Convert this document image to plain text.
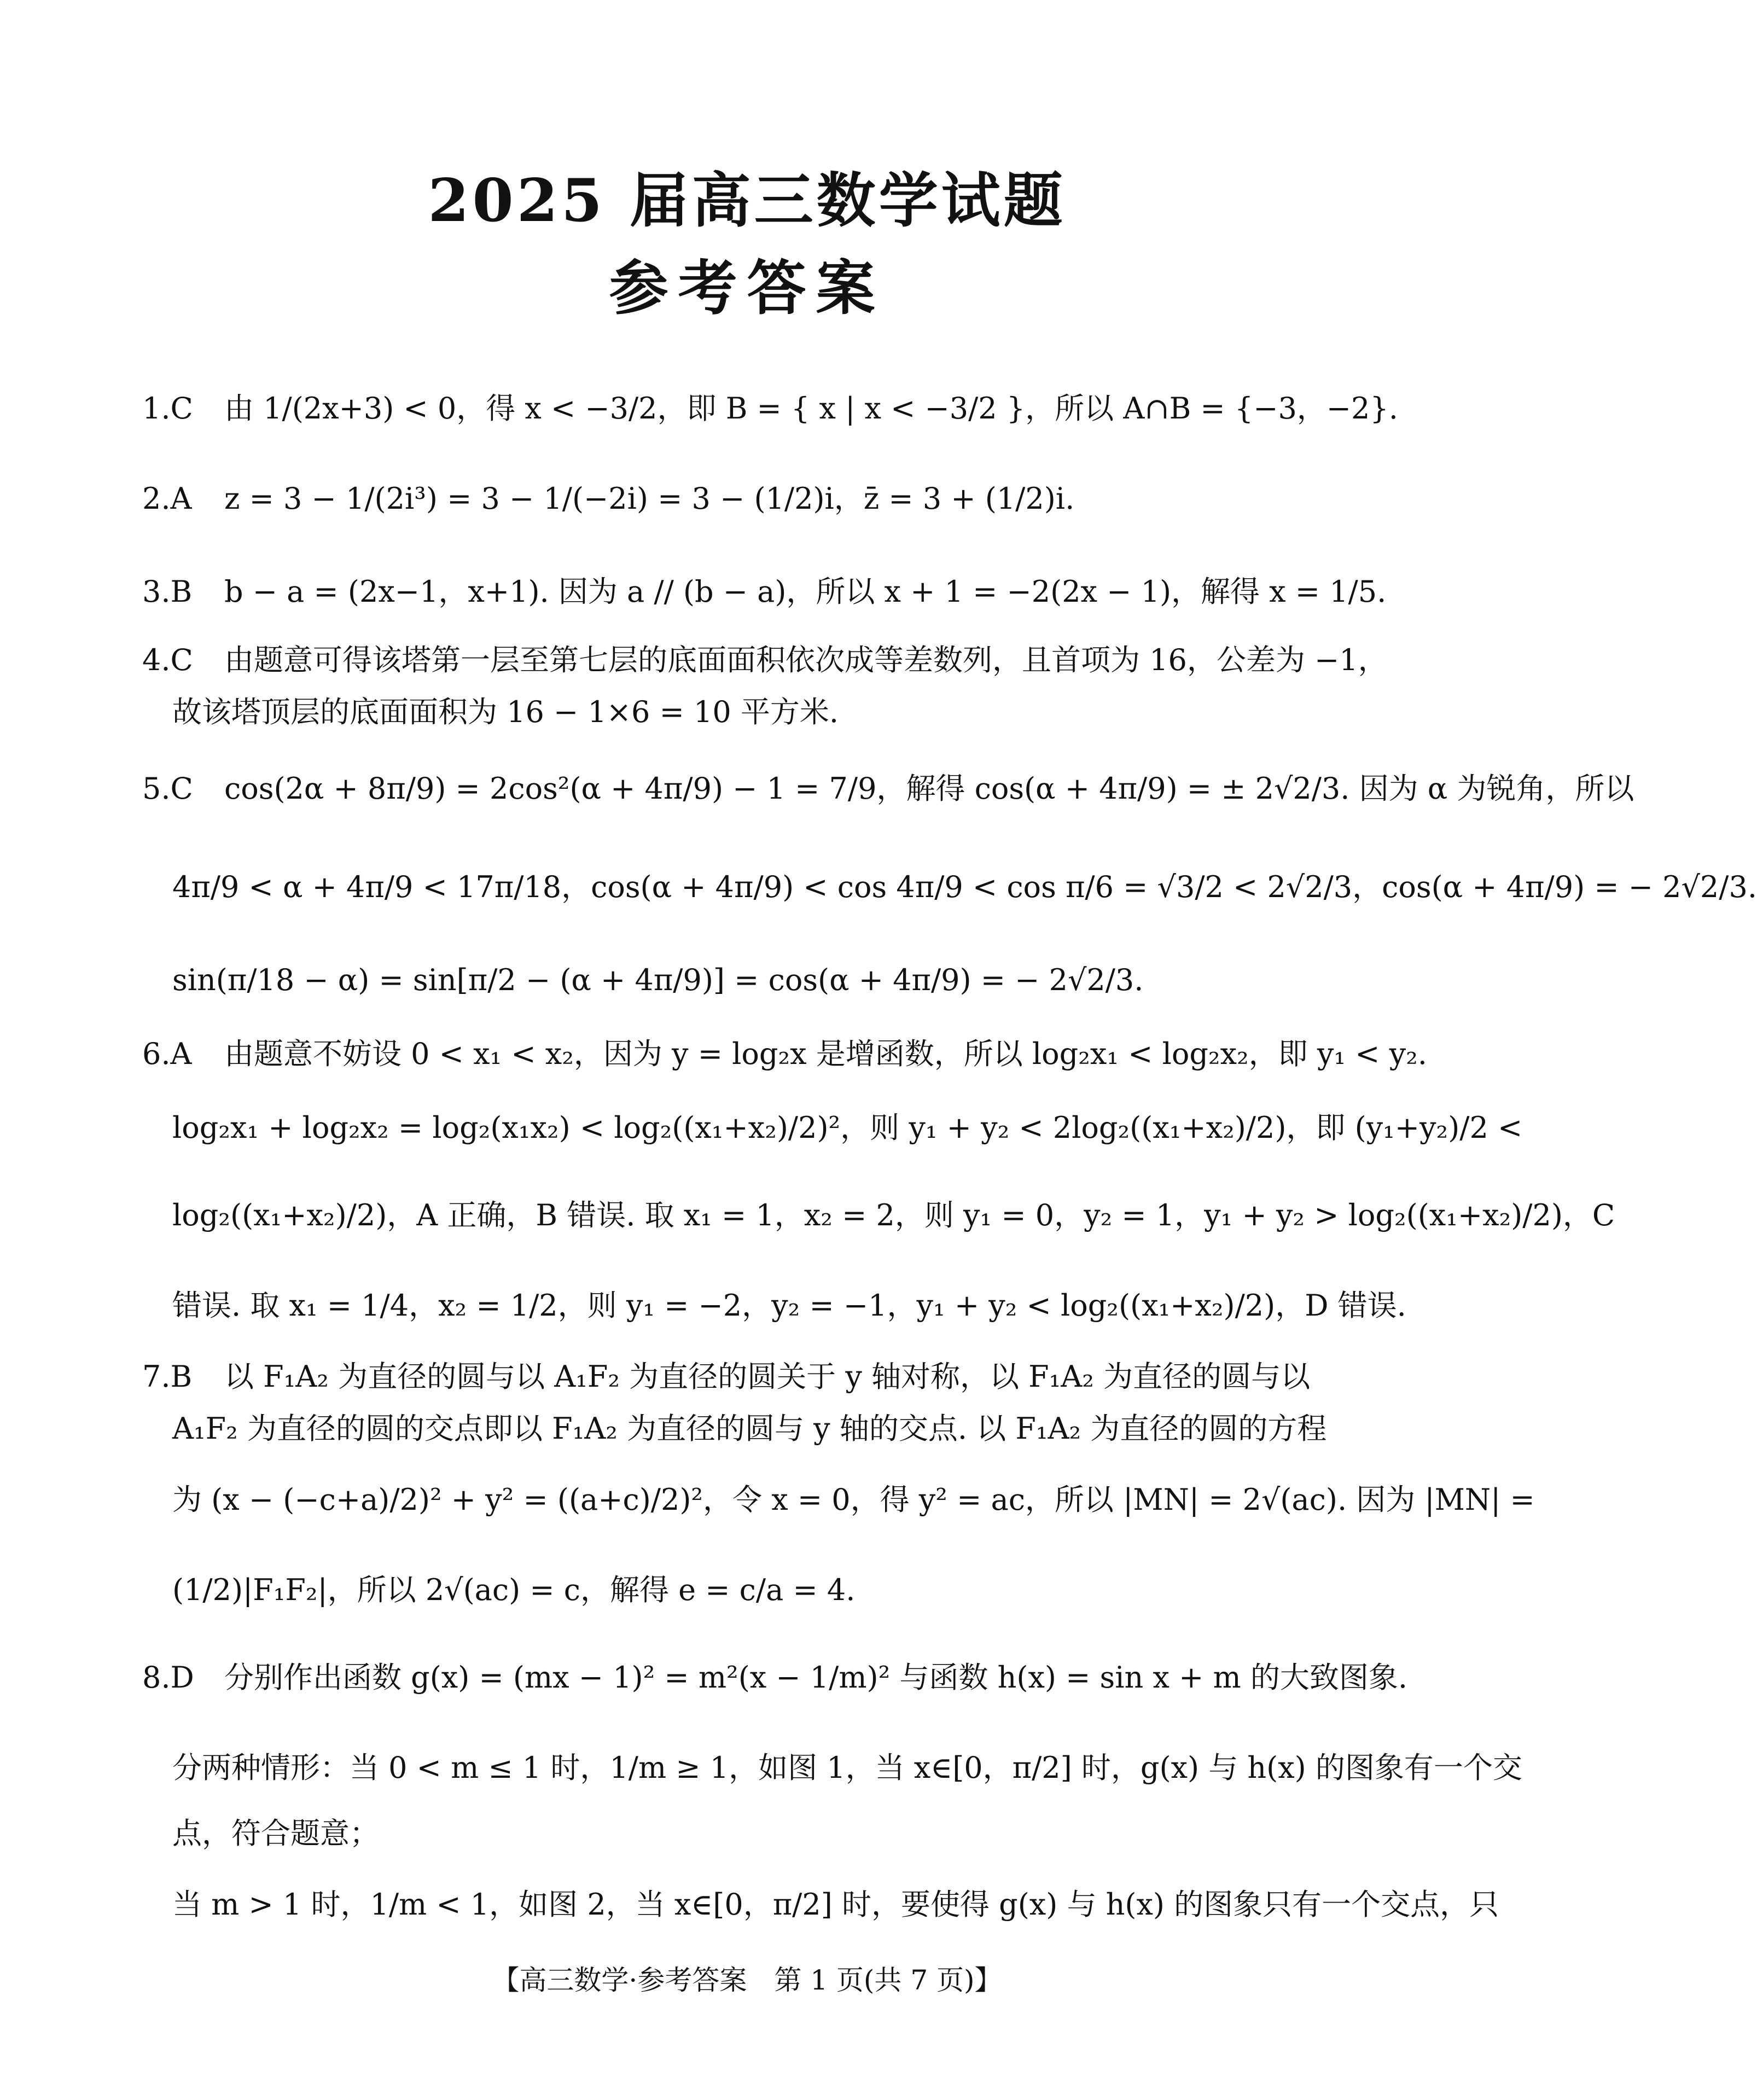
2025 届高三数学试题
参考答案
1.C 由 1/(2x+3) < 0，得 x < −3/2，即 B = { x | x < −3/2 }，所以 A∩B = {−3，−2}.
2.A z = 3 − 1/(2i³) = 3 − 1/(−2i) = 3 − (1/2)i，z̄ = 3 + (1/2)i.
3.B b − a = (2x−1，x+1). 因为 a // (b − a)，所以 x + 1 = −2(2x − 1)，解得 x = 1/5.
4.C 由题意可得该塔第一层至第七层的底面面积依次成等差数列，且首项为 16，公差为 −1，
故该塔顶层的底面面积为 16 − 1×6 = 10 平方米.
5.C cos(2α + 8π/9) = 2cos²(α + 4π/9) − 1 = 7/9，解得 cos(α + 4π/9) = ± 2√2/3. 因为 α 为锐角，所以
4π/9 < α + 4π/9 < 17π/18，cos(α + 4π/9) < cos 4π/9 < cos π/6 = √3/2 < 2√2/3，cos(α + 4π/9) = − 2√2/3.
sin(π/18 − α) = sin[π/2 − (α + 4π/9)] = cos(α + 4π/9) = − 2√2/3.
6.A 由题意不妨设 0 < x₁ < x₂，因为 y = log₂x 是增函数，所以 log₂x₁ < log₂x₂，即 y₁ < y₂.
log₂x₁ + log₂x₂ = log₂(x₁x₂) < log₂((x₁+x₂)/2)²，则 y₁ + y₂ < 2log₂((x₁+x₂)/2)，即 (y₁+y₂)/2 <
log₂((x₁+x₂)/2)，A 正确，B 错误. 取 x₁ = 1，x₂ = 2，则 y₁ = 0，y₂ = 1，y₁ + y₂ > log₂((x₁+x₂)/2)，C
错误. 取 x₁ = 1/4，x₂ = 1/2，则 y₁ = −2，y₂ = −1，y₁ + y₂ < log₂((x₁+x₂)/2)，D 错误.
7.B 以 F₁A₂ 为直径的圆与以 A₁F₂ 为直径的圆关于 y 轴对称，以 F₁A₂ 为直径的圆与以
A₁F₂ 为直径的圆的交点即以 F₁A₂ 为直径的圆与 y 轴的交点. 以 F₁A₂ 为直径的圆的方程
为 (x − (−c+a)/2)² + y² = ((a+c)/2)²，令 x = 0，得 y² = ac，所以 |MN| = 2√(ac). 因为 |MN| =
(1/2)|F₁F₂|，所以 2√(ac) = c，解得 e = c/a = 4.
8.D 分别作出函数 g(x) = (mx − 1)² = m²(x − 1/m)² 与函数 h(x) = sin x + m 的大致图象.
分两种情形：当 0 < m ≤ 1 时，1/m ≥ 1，如图 1，当 x∈[0，π/2] 时，g(x) 与 h(x) 的图象有一个交
点，符合题意；
当 m > 1 时，1/m < 1，如图 2，当 x∈[0，π/2] 时，要使得 g(x) 与 h(x) 的图象只有一个交点，只
【高三数学·参考答案　第 1 页(共 7 页)】
